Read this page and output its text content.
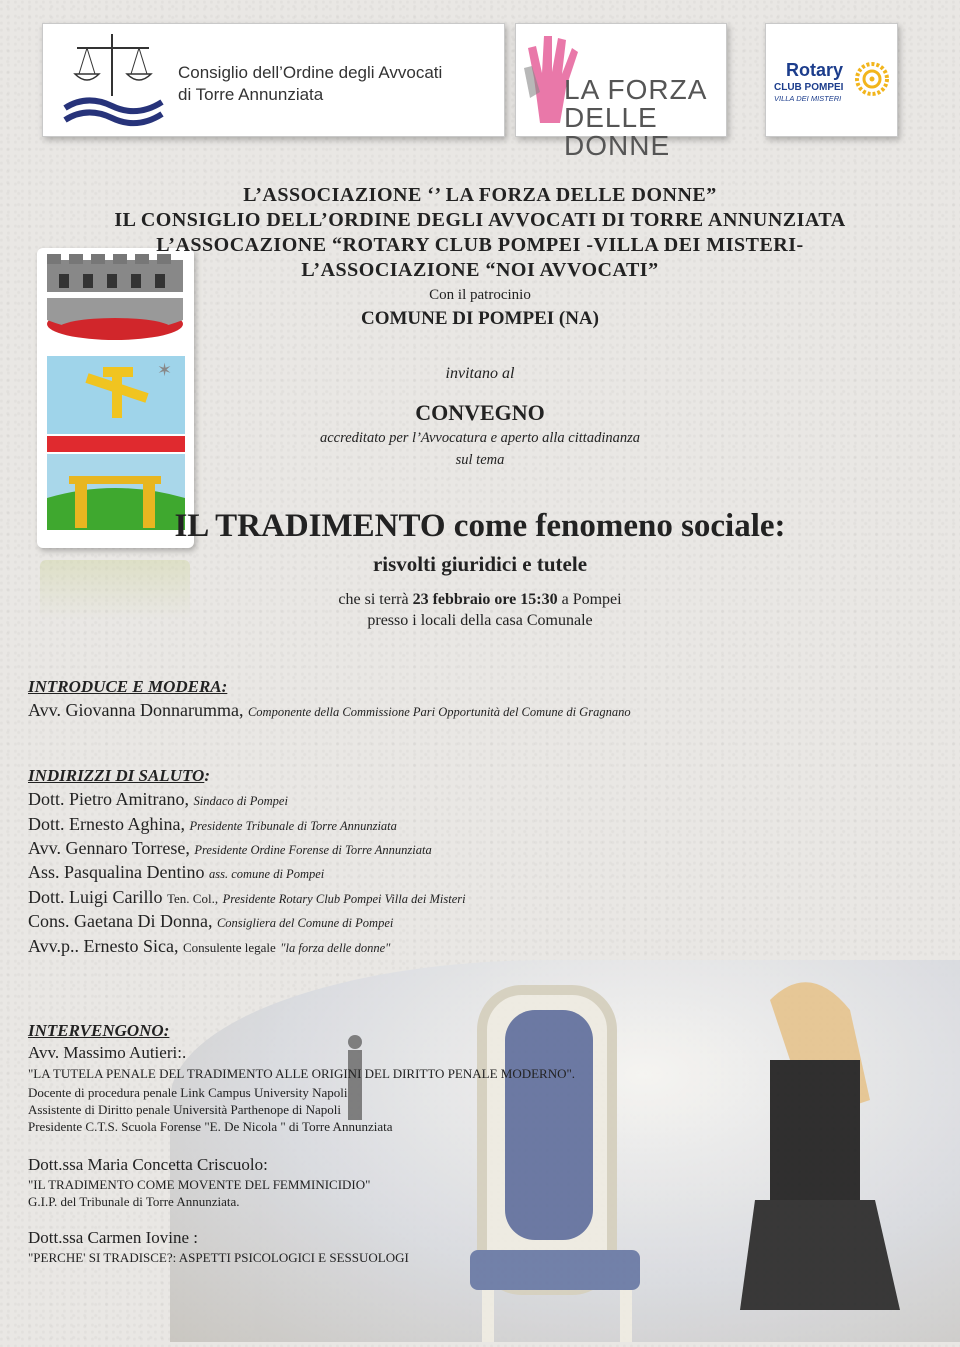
Consiglio dell’Ordine degli Avvocati
di Torre Annunziata	LA FORZA
DELLE DONNE
Rotary
CLUB POMPEI
VILLA DEI MISTERI
✶
L’ASSOCIAZIONE ‘’ LA FORZA DELLE DONNE”
IL CONSIGLIO DELL’ORDINE DEGLI AVVOCATI DI TORRE ANNUNZIATA
L’ASSOCAZIONE “ROTARY CLUB POMPEI -VILLA DEI MISTERI-
L’ASSOCIAZIONE “NOI AVVOCATI”
Con il patrocinio
COMUNE DI POMPEI (NA)
invitano al
CONVEGNO
accreditato per l’Avvocatura e aperto alla cittadinanza
sul tema
IL TRADIMENTO come fenomeno sociale:
risvolti giuridici e tutele
che si terrà 23 febbraio ore 15:30 a Pompei
presso i locali della casa Comunale
INTRODUCE E MODERA:
Avv. Giovanna Donnarumma, Componente della Commissione Pari Opportunità del Comune di Gragnano
INDIRIZZI DI SALUTO:
Dott. Pietro Amitrano, Sindaco di Pompei
Dott. Ernesto Aghina, Presidente Tribunale di Torre Annunziata
Avv. Gennaro Torrese, Presidente Ordine Forense di Torre Annunziata
Ass. Pasqualina Dentino ass. comune di Pompei
Dott. Luigi Carillo Ten. Col., Presidente Rotary Club Pompei Villa dei Misteri
Cons. Gaetana Di Donna, Consigliera del Comune di Pompei
Avv.p.. Ernesto Sica, Consulente legale "la forza delle donne"
INTERVENGONO:
Avv. Massimo Autieri:.
"LA TUTELA PENALE DEL TRADIMENTO ALLE ORIGINI DEL DIRITTO PENALE MODERNO".
Docente di procedura penale Link Campus University Napoli
Assistente di Diritto penale Università Parthenope di Napoli
Presidente C.T.S. Scuola Forense "E. De Nicola " di Torre Annunziata
Dott.ssa Maria Concetta Criscuolo:
"IL TRADIMENTO COME MOVENTE DEL FEMMINICIDIO"
G.I.P. del Tribunale di Torre Annunziata.
Dott.ssa Carmen Iovine :
"PERCHE' SI TRADISCE?: ASPETTI PSICOLOGICI E SESSUOLOGI
